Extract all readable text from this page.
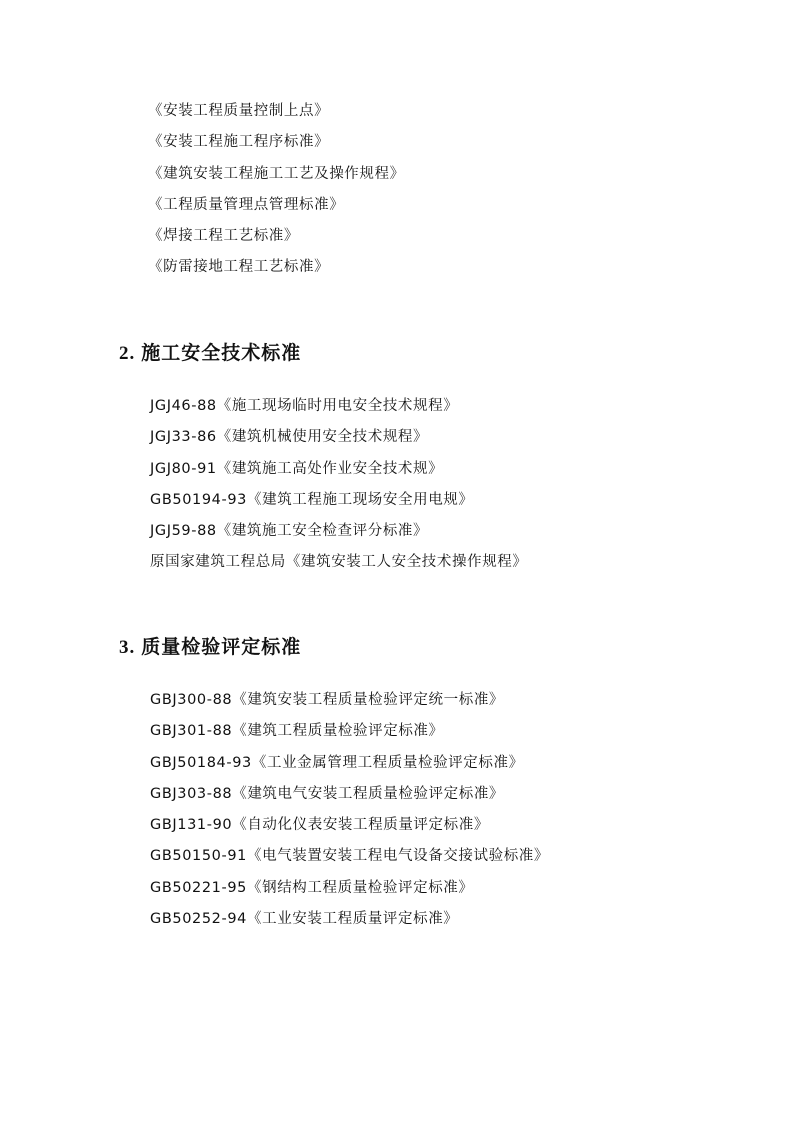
《安装工程质量控制上点》
《安装工程施工程序标准》
《建筑安装工程施工工艺及操作规程》
《工程质量管理点管理标准》
《焊接工程工艺标准》
《防雷接地工程工艺标准》
2. 施工安全技术标准
JGJ46-88《施工现场临时用电安全技术规程》
JGJ33-86《建筑机械使用安全技术规程》
JGJ80-91《建筑施工高处作业安全技术规》
GB50194-93《建筑工程施工现场安全用电规》
JGJ59-88《建筑施工安全检查评分标准》
原国家建筑工程总局《建筑安装工人安全技术操作规程》
3. 质量检验评定标准
GBJ300-88《建筑安装工程质量检验评定统一标准》
GBJ301-88《建筑工程质量检验评定标准》
GBJ50184-93《工业金属管理工程质量检验评定标准》
GBJ303-88《建筑电气安装工程质量检验评定标准》
GBJ131-90《自动化仪表安装工程质量评定标准》
GB50150-91《电气装置安装工程电气设备交接试验标准》
GB50221-95《钢结构工程质量检验评定标准》
GB50252-94《工业安装工程质量评定标准》
